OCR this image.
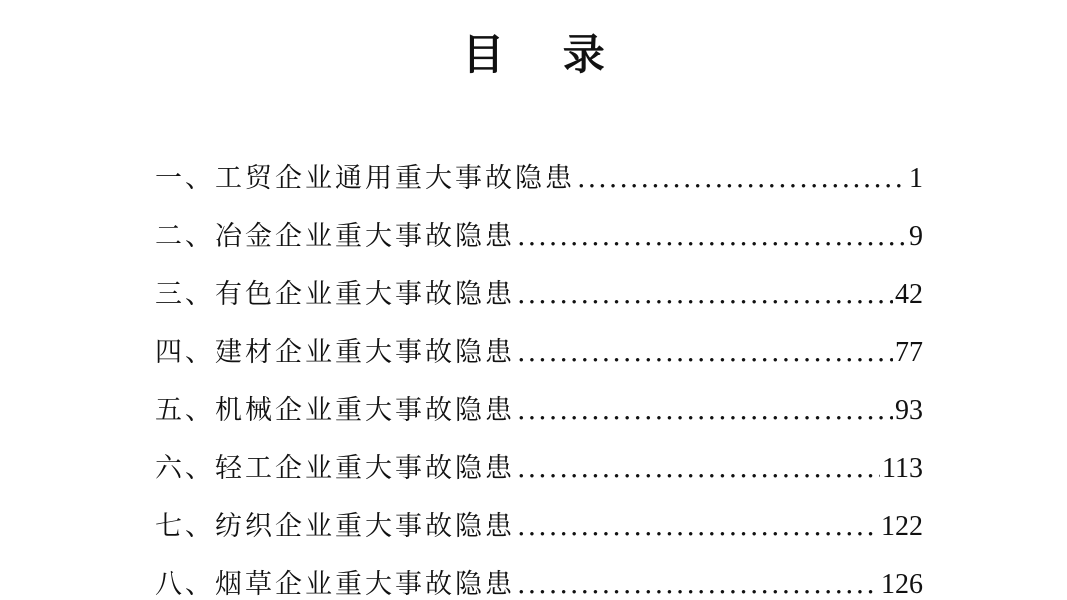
目 录
一、工贸企业通用重大事故隐患 .....	1
二、冶金企业重大事故隐患 .....	9
三、有色企业重大事故隐患 .....	42
四、建材企业重大事故隐患 .....	77
五、机械企业重大事故隐患 .....	93
六、轻工企业重大事故隐患 .....	113
七、纺织企业重大事故隐患 .....	122
八、烟草企业重大事故隐患 .....	126
